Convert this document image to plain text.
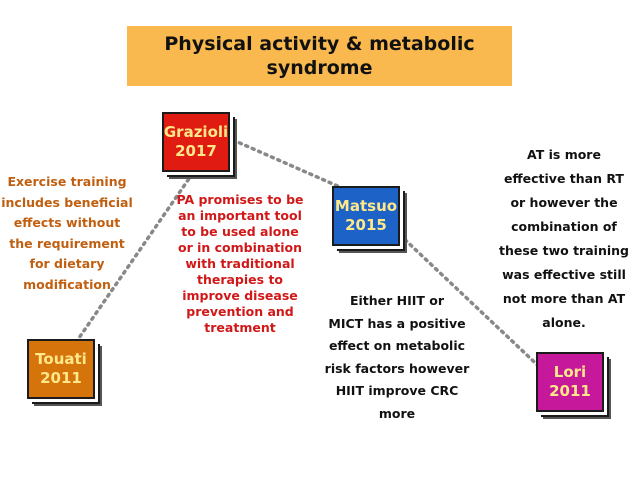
Physical activity & metabolic
syndrome
Touati
2011
Grazioli
2017
Matsuo
2015
Lori
2011
Exercise training
includes beneficial
effects without
the requirement
for dietary
modification
PA promises to be
an important tool
to be used alone
or in combination
with traditional
therapies to
improve disease
prevention and
treatment
Either HIIT or
MICT has a positive
effect on metabolic
risk factors however
HIIT improve CRC
more
AT is more
effective than RT
or however the
combination of
these two training
was effective still
not more than AT
alone.
